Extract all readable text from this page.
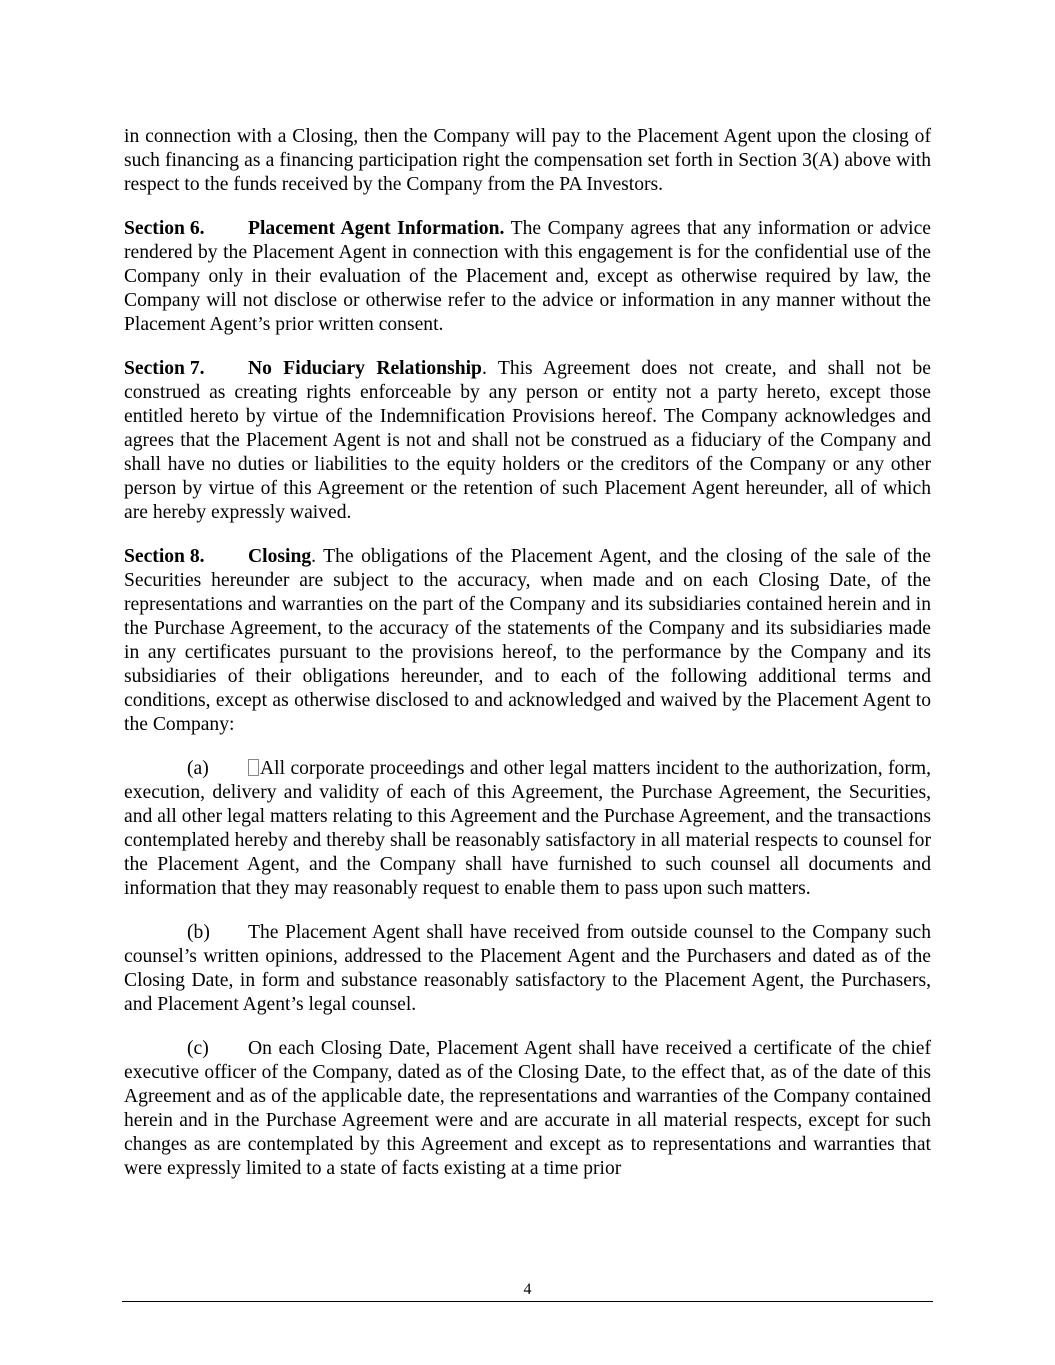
in connection with a Closing, then the Company will pay to the Placement Agent upon the closing of such financing as a financing participation right the compensation set forth in Section 3(A) above with respect to the funds received by the Company from the PA Investors.

Section 6. Placement Agent Information. The Company agrees that any information or advice rendered by the Placement Agent in connection with this engagement is for the confidential use of the Company only in their evaluation of the Placement and, except as otherwise required by law, the Company will not disclose or otherwise refer to the advice or information in any manner without the Placement Agent’s prior written consent.

Section 7. No Fiduciary Relationship. This Agreement does not create, and shall not be construed as creating rights enforceable by any person or entity not a party hereto, except those entitled hereto by virtue of the Indemnification Provisions hereof. The Company acknowledges and agrees that the Placement Agent is not and shall not be construed as a fiduciary of the Company and shall have no duties or liabilities to the equity holders or the creditors of the Company or any other person by virtue of this Agreement or the retention of such Placement Agent hereunder, all of which are hereby expressly waived.

Section 8. Closing. The obligations of the Placement Agent, and the closing of the sale of the Securities hereunder are subject to the accuracy, when made and on each Closing Date, of the representations and warranties on the part of the Company and its subsidiaries contained herein and in the Purchase Agreement, to the accuracy of the statements of the Company and its subsidiaries made in any certificates pursuant to the provisions hereof, to the performance by the Company and its subsidiaries of their obligations hereunder, and to each of the following additional terms and conditions, except as otherwise disclosed to and acknowledged and waived by the Placement Agent to the Company:

(a)	All corporate proceedings and other legal matters incident to the authorization, form, execution, delivery and validity of each of this Agreement, the Purchase Agreement, the Securities, and all other legal matters relating to this Agreement and the Purchase Agreement, and the transactions contemplated hereby and thereby shall be reasonably satisfactory in all material respects to counsel for the Placement Agent, and the Company shall have furnished to such counsel all documents and information that they may reasonably request to enable them to pass upon such matters.

(b) The Placement Agent shall have received from outside counsel to the Company such counsel’s written opinions, addressed to the Placement Agent and the Purchasers and dated as of the Closing Date, in form and substance reasonably satisfactory to the Placement Agent, the Purchasers, and Placement Agent’s legal counsel.

(c) On each Closing Date, Placement Agent shall have received a certificate of the chief executive officer of the Company, dated as of the Closing Date, to the effect that, as of the date of this Agreement and as of the applicable date, the representations and warranties of the Company contained herein and in the Purchase Agreement were and are accurate in all material respects, except for such changes as are contemplated by this Agreement and except as to representations and warranties that were expressly limited to a state of facts existing at a time prior

4
